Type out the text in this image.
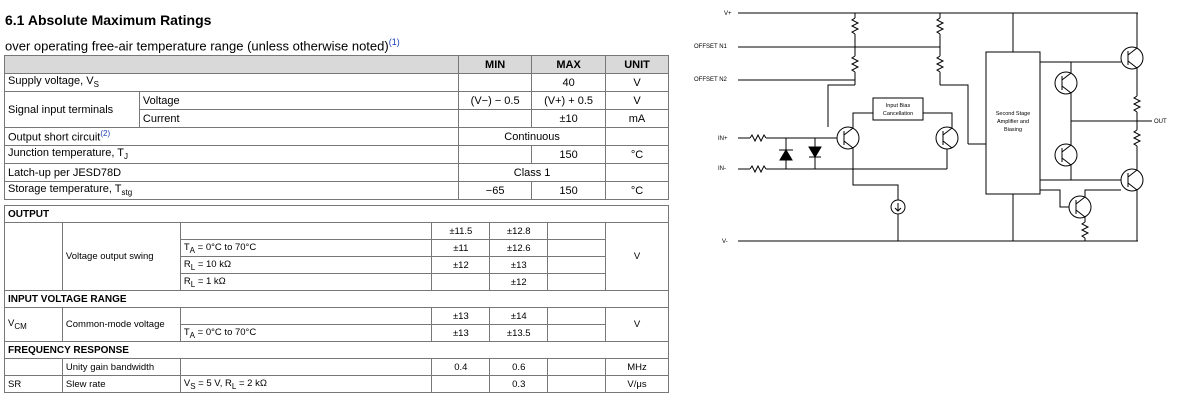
6.1 Absolute Maximum Ratings
over operating free-air temperature range (unless otherwise noted)$^{(1)}$
		MIN	MAX	UNIT
Supply voltage, $V_S$			40	V
Signal input terminals	Voltage	(V−) − 0.5	(V+) + 0.5	V
	Current		±10	mA
Output short circuit$^{(2)}$		Continuous		
Junction temperature, $T_J$			150	°C
Latch-up per JESD78D		Class 1		
Storage temperature, $T_{stg}$		−65	150	°C
OUTPUT						
	Voltage output swing		±11.5	±12.8		V
		$T_A = 0^\circ C$ to 70°C	±11	±12.6		
		$R_L = 10$ kΩ	±12	±13		
		$R_L = 1$ kΩ		±12		
INPUT VOLTAGE RANGE						
$V_{CM}$	Common-mode voltage		±13	±14		V
		$T_A = 0^\circ C$ to 70°C	±13	±13.5		
FREQUENCY RESPONSE						
	Unity gain bandwidth		0.4	0.6		MHz
SR	Slew rate	$V_S = 5$ V, $R_L = 2$ kΩ		0.3		V/μs
V+
V-
OFFSET N1
OFFSET N2
IN+
IN-
OUT
Input Bias
Cancellation	Second Stage
Amplifier and
Biasing
